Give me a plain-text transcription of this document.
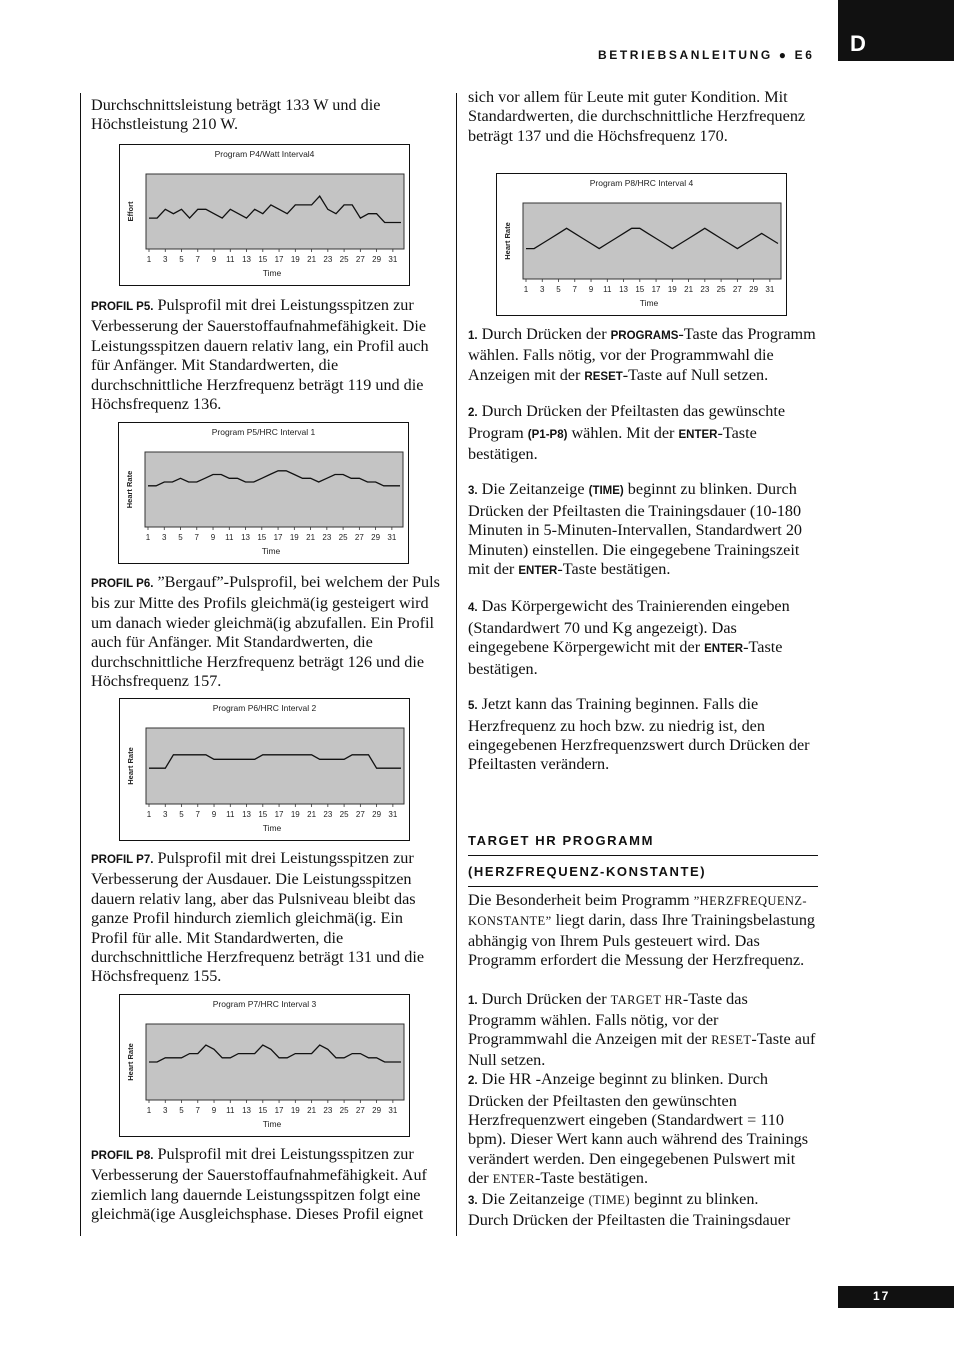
BETRIEBSANLEITUNG ● E6	D

Durchschnittsleistung beträgt 133 W und die Höchstleistung 210 W.

Program P4/Watt Interval4
1 3 5 7 9 11 13 15 17 19 21 23 25 27 29 31
Time
Effort

PROFIL P5. Pulsprofil mit drei Leistungsspitzen zur Verbesserung der Sauerstoffaufnahmefähigkeit. Die Leistungsspitzen dauern relativ lang, ein Profil auch für Anfänger. Mit Standardwerten, die durchschnittliche Herzfrequenz beträgt 119 und die Höchsfrequenz 136.

Program P5/HRC Interval 1
1 3 5 7 9 11 13 15 17 19 21 23 25 27 29 31
Time
Heart Rate

PROFIL P6. ”Bergauf”-Pulsprofil, bei welchem der Puls bis zur Mitte des Profils gleichmä(ig gesteigert wird um danach wieder gleichmä(ig abzufallen. Ein Profil auch für Anfänger. Mit Standardwerten, die durchschnittliche Herzfrequenz beträgt 126 und die Höchsfrequenz 157.

Program P6/HRC Interval 2
1 3 5 7 9 11 13 15 17 19 21 23 25 27 29 31
Time
Heart Rate

PROFIL P7. Pulsprofil mit drei Leistungsspitzen zur Verbesserung der Ausdauer. Die Leistungsspitzen dauern relativ lang, aber das Pulsniveau bleibt das ganze Profil hindurch ziemlich gleichmä(ig. Ein Profil für alle. Mit Standardwerten, die durchschnittliche Herzfrequenz beträgt 131 und die Höchsfrequenz 155.

Program P7/HRC Interval 3
1 3 5 7 9 11 13 15 17 19 21 23 25 27 29 31
Time
Heart Rate

PROFIL P8. Pulsprofil mit drei Leistungsspitzen zur Verbesserung der Sauerstoffaufnahmefähigkeit. Auf ziemlich lang dauernde Leistungsspitzen folgt eine gleichmä(ige Ausgleichsphase. Dieses Profil eignet

sich vor allem für Leute mit guter Kondition. Mit Standardwerten, die durchschnittliche Herzfrequenz beträgt 137 und die Höchsfrequenz 170.

Program P8/HRC Interval 4
1 3 5 7 9 11 13 15 17 19 21 23 25 27 29 31
Time
Heart Rate

1. Durch Drücken der PROGRAMS-Taste das Programm wählen. Falls nötig, vor der Programmwahl die Anzeigen mit der RESET-Taste auf Null setzen.

2. Durch Drücken der Pfeiltasten das gewünschte Program (P1-P8) wählen. Mit der ENTER-Taste bestätigen.

3. Die Zeitanzeige (TIME) beginnt zu blinken. Durch Drücken der Pfeiltasten die Trainingsdauer (10-180 Minuten in 5-Minuten-Intervallen, Standardwert 20 Minuten) einstellen. Die eingegebene Trainingszeit mit der ENTER-Taste bestätigen.

4. Das Körpergewicht des Trainierenden eingeben (Standardwert 70 und Kg angezeigt). Das eingegebene Körpergewicht mit der ENTER-Taste bestätigen.

5. Jetzt kann das Training beginnen. Falls die Herzfrequenz zu hoch bzw. zu niedrig ist, den eingegebenen Herzfrequenzswert durch Drücken der Pfeiltasten verändern.

TARGET HR PROGRAMM
(HERZFREQUENZ-KONSTANTE)

Die Besonderheit beim Programm ”HERZFREQUENZ-KONSTANTE” liegt darin, dass Ihre Trainingsbelastung abhängig von Ihrem Puls gesteuert wird. Das Programm erfordert die Messung der Herzfrequenz.

1. Durch Drücken der TARGET HR-Taste das Programm wählen. Falls nötig, vor der Programmwahl die Anzeigen mit der RESET-Taste auf Null setzen.

2. Die HR -Anzeige beginnt zu blinken. Durch Drücken der Pfeiltasten den gewünschten Herzfrequenzwert eingeben (Standardwert = 110 bpm). Dieser Wert kann auch während des Trainings verändert werden. Den eingegebenen Pulswert mit der ENTER-Taste bestätigen.

3. Die Zeitanzeige (TIME) beginnt zu blinken.

Durch Drücken der Pfeiltasten die Trainingsdauer

17
